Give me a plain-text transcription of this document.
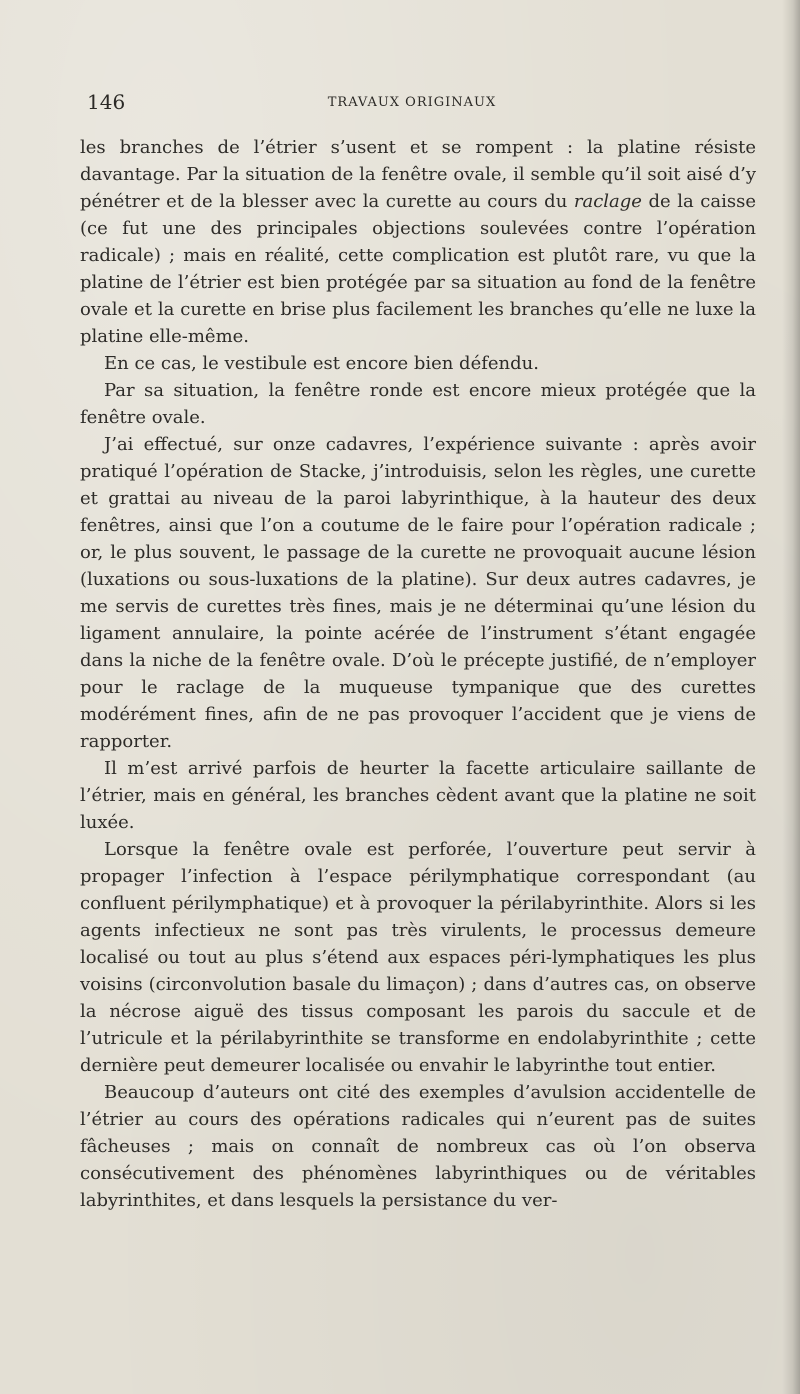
146	TRAVAUX ORIGINAUX

les branches de l’étrier s’usent et se rompent : la platine résiste davantage. Par la situation de la fenêtre ovale, il semble qu’il soit aisé d’y pénétrer et de la blesser avec la curette au cours du raclage de la caisse (ce fut une des principales objections soulevées contre l’opération radicale) ; mais en réalité, cette complication est plutôt rare, vu que la platine de l’étrier est bien protégée par sa situation au fond de la fenêtre ovale et la curette en brise plus facilement les branches qu’elle ne luxe la platine elle-même.

En ce cas, le vestibule est encore bien défendu.

Par sa situation, la fenêtre ronde est encore mieux protégée que la fenêtre ovale.

J’ai effectué, sur onze cadavres, l’expérience suivante : après avoir pratiqué l’opération de Stacke, j’introduisis, selon les règles, une curette et grattai au niveau de la paroi labyrinthique, à la hauteur des deux fenêtres, ainsi que l’on a coutume de le faire pour l’opération radicale ; or, le plus souvent, le passage de la curette ne provoquait aucune lésion (luxations ou sous-luxations de la platine). Sur deux autres cadavres, je me servis de curettes très fines, mais je ne déterminai qu’une lésion du ligament annulaire, la pointe acérée de l’instrument s’étant engagée dans la niche de la fenêtre ovale. D’où le précepte justifié, de n’employer pour le raclage de la muqueuse tympanique que des curettes modérément fines, afin de ne pas provoquer l’accident que je viens de rapporter.

Il m’est arrivé parfois de heurter la facette articulaire saillante de l’étrier, mais en général, les branches cèdent avant que la platine ne soit luxée.

Lorsque la fenêtre ovale est perforée, l’ouverture peut servir à propager l’infection à l’espace périlymphatique correspondant (au confluent périlymphatique) et à provoquer la périlabyrinthite. Alors si les agents infectieux ne sont pas très virulents, le processus demeure localisé ou tout au plus s’étend aux espaces péri-lymphatiques les plus voisins (circonvolution basale du limaçon) ; dans d’autres cas, on observe la nécrose aiguë des tissus composant les parois du saccule et de l’utricule et la périlabyrinthite se transforme en endolabyrinthite ; cette dernière peut demeurer localisée ou envahir le labyrinthe tout entier.

Beaucoup d’auteurs ont cité des exemples d’avulsion accidentelle de l’étrier au cours des opérations radicales qui n’eurent pas de suites fâcheuses ; mais on connaît de nombreux cas où l’on observa consécutivement des phénomènes labyrinthiques ou de véritables labyrinthites, et dans lesquels la persistance du ver-
